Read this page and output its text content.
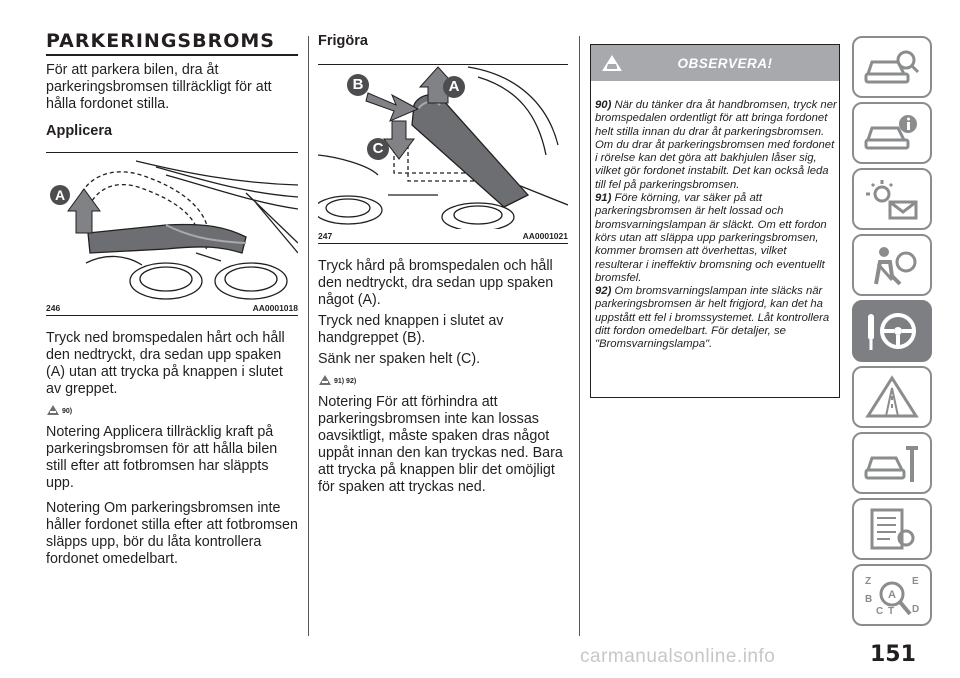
PARKERINGSBROMS

För att parkera bilen, dra åt parkeringsbromsen tillräckligt för att hålla fordonet stilla.

Applicera
A
246	AA0001018

Tryck ned bromspedalen hårt och håll den nedtryckt, dra sedan upp spaken (A) utan att trycka på knappen i slutet av greppet.

90)

Notering Applicera tillräcklig kraft på parkeringsbromsen för att hålla bilen still efter att fotbromsen har släppts upp.

Notering Om parkeringsbromsen inte håller fordonet stilla efter att fotbromsen släpps upp, bör du låta kontrollera fordonet omedelbart.

Frigöra
B	A
C
247	AA0001021

Tryck hård på bromspedalen och håll den nedtryckt, dra sedan upp spaken något (A).

Tryck ned knappen i slutet av handgreppet (B).

Sänk ner spaken helt (C).

91) 92)

Notering För att förhindra att parkeringsbromsen inte kan lossas oavsiktligt, måste spaken dras något uppåt innan den kan tryckas ned. Bara att trycka på knappen blir det omöjligt för spaken att tryckas ned.

OBSERVERA!
90) När du tänker dra åt handbromsen, tryck ner bromspedalen ordentligt för att bringa fordonet helt stilla innan du drar åt parkeringsbromsen. Om du drar åt parkeringsbromsen med fordonet i rörelse kan det göra att bakhjulen låser sig, vilket gör fordonet instabilt. Det kan också leda till fel på parkeringsbromsen.
91) Före körning, var säker på att parkeringsbromsen är helt lossad och bromsvarningslampan är släckt. Om ett fordon körs utan att släppa upp parkeringsbromsen, kommer bromsen att överhettas, vilket resulterar i ineffektiv bromsning och eventuellt bromsfel.
92) Om bromsvarningslampan inte släcks när parkeringsbromsen är helt frigjord, kan det ha uppstått ett fel i bromssystemet. Låt kontrollera ditt fordon omedelbart. För detaljer, se "Bromsvarningslampa".
Z	E
A
B
C T D
carmanualsonline.info	151
